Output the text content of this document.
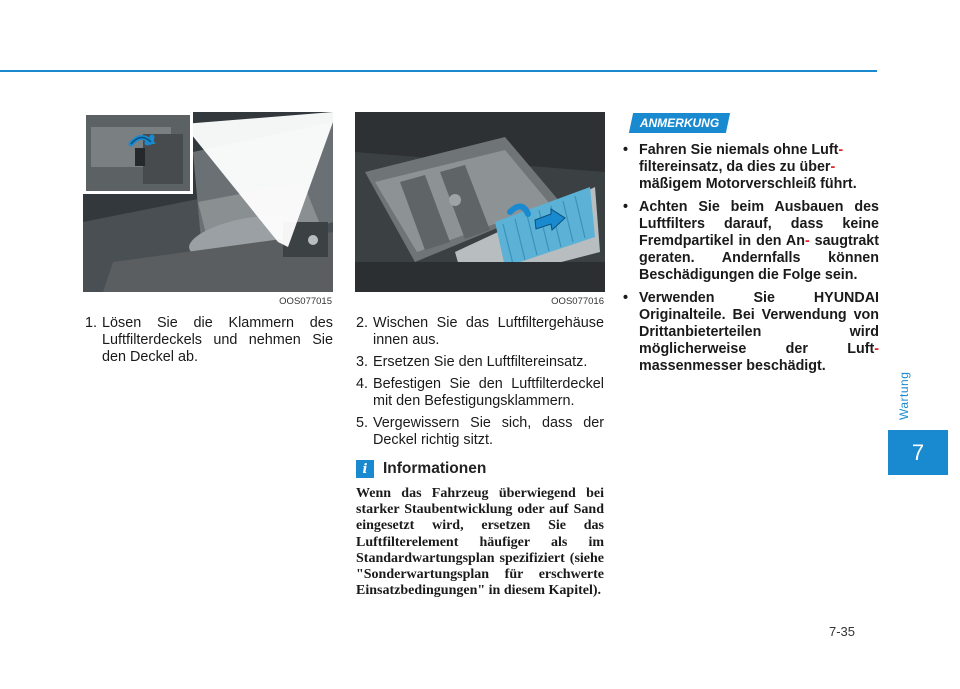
OOS077015	OOS077016
1. Lösen Sie die Klammern des Luftfilterdeckels und nehmen Sie den Deckel ab.
2. Wischen Sie das Luftfiltergehäuse innen aus.
3. Ersetzen Sie den Luftfiltereinsatz.
4. Befestigen Sie den Luftfilterdeckel mit den Befestigungsklammern.
5. Vergewissern Sie sich, dass der Deckel richtig sitzt.
i	Informationen
Wenn das Fahrzeug überwiegend bei starker Staubentwicklung oder auf Sand eingesetzt wird, ersetzen Sie das Luftfilterelement häufiger als im Standardwartungsplan spezifiziert (siehe "Sonderwartungsplan für erschwerte Einsatzbedingungen" in diesem Kapitel).
ANMERKUNG
• Fahren Sie niemals ohne Luft-
filtereinsatz, da dies zu über-
mäßigem Motorverschleiß führt.
• Achten Sie beim Ausbauen des Luftfilters darauf, dass keine Fremdpartikel in den An- saugtrakt geraten. Andernfalls können Beschädigungen die Folge sein.
• Verwenden Sie HYUNDAI Originalteile. Bei Verwendung von Drittanbieterteilen wird möglicherweise der Luft- massenmesser beschädigt.
Wartung
7
7-35
